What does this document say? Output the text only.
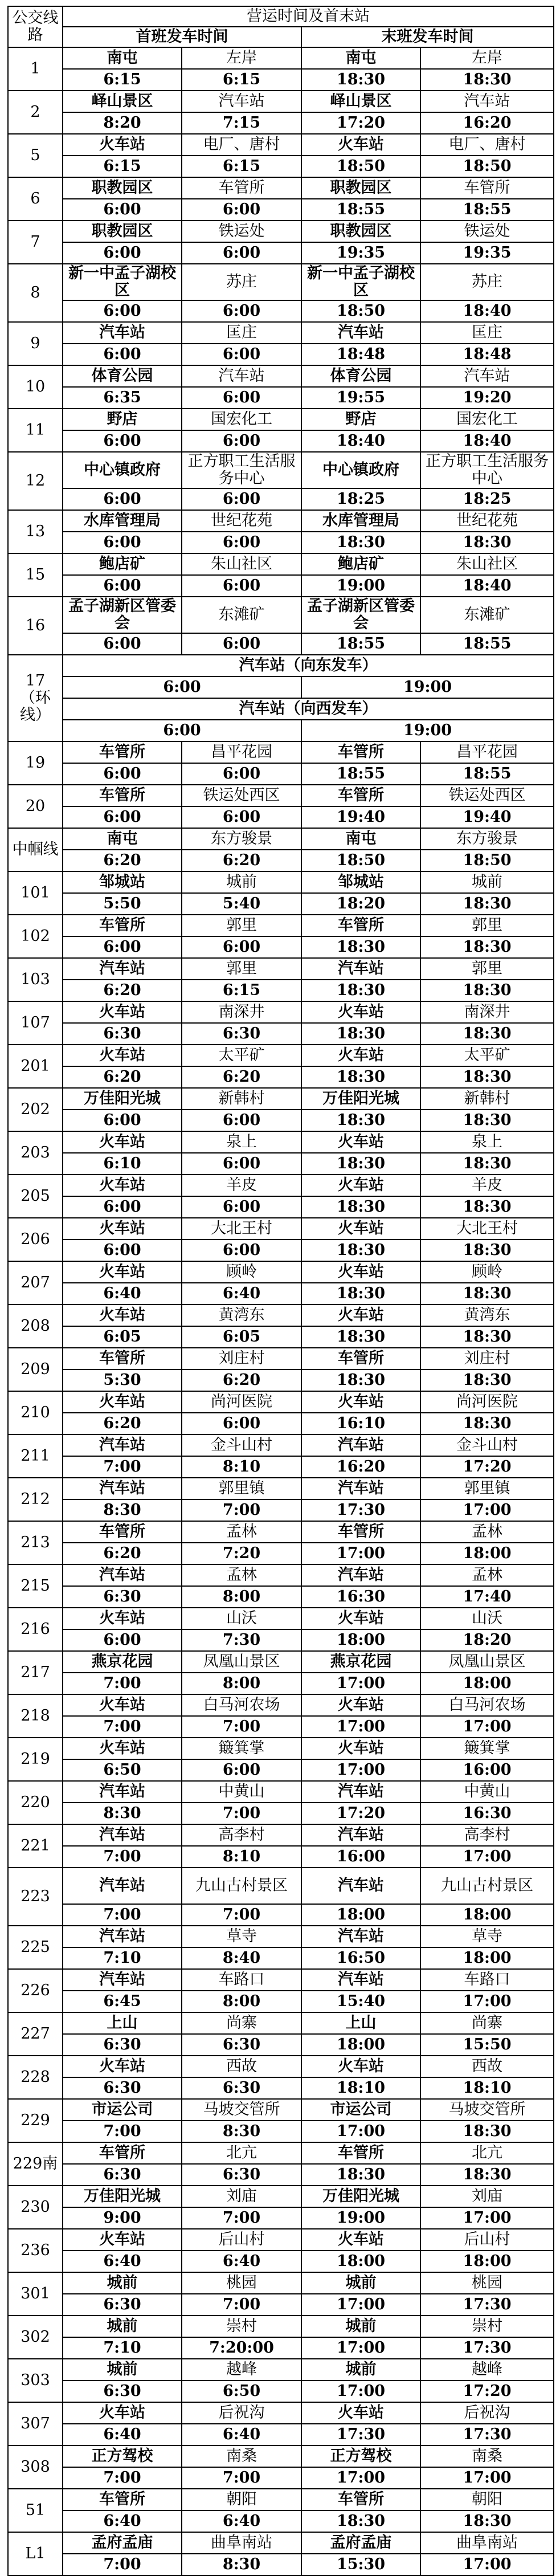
公交线路	营运时间及首末站			
	首班发车时间		末班发车时间	
1	南屯	左岸	南屯	左岸
	6:15	6:15	18:30	18:30
2	峄山景区	汽车站	峄山景区	汽车站
	8:20	7:15	17:20	16:20
5	火车站	电厂、唐村	火车站	电厂、唐村
	6:15	6:15	18:50	18:50
6	职教园区	车管所	职教园区	车管所
	6:00	6:00	18:55	18:55
7	职教园区	铁运处	职教园区	铁运处
	6:00	6:00	19:35	19:35
8	新一中孟子湖校区	苏庄	新一中孟子湖校区	苏庄
	6:00	6:00	18:50	18:40
9	汽车站	匡庄	汽车站	匡庄
	6:00	6:00	18:48	18:48
10	体育公园	汽车站	体育公园	汽车站
	6:35	6:00	19:55	19:20
11	野店	国宏化工	野店	国宏化工
	6:00	6:00	18:40	18:40
12	中心镇政府	正方职工生活服务中心	中心镇政府	正方职工生活服务中心
	6:00	6:00	18:25	18:25
13	水库管理局	世纪花苑	水库管理局	世纪花苑
	6:00	6:00	18:30	18:30
15	鲍店矿	朱山社区	鲍店矿	朱山社区
	6:00	6:00	19:00	18:40
16	孟子湖新区管委会	东滩矿	孟子湖新区管委会	东滩矿
	6:00	6:00	18:55	18:55
17（环线）	汽车站（向东发车）			
	6:00		19:00	
	汽车站（向西发车）			
	6:00		19:00	
19	车管所	昌平花园	车管所	昌平花园
	6:00	6:00	18:55	18:55
20	车管所	铁运处西区	车管所	铁运处西区
	6:00	6:00	19:40	19:40
中帼线	南屯	东方骏景	南屯	东方骏景
	6:20	6:20	18:50	18:50
101	邹城站	城前	邹城站	城前
	5:50	5:40	18:20	18:30
102	车管所	郭里	车管所	郭里
	6:00	6:00	18:30	18:30
103	汽车站	郭里	汽车站	郭里
	6:20	6:15	18:30	18:30
107	火车站	南深井	火车站	南深井
	6:30	6:30	18:30	18:30
201	火车站	太平矿	火车站	太平矿
	6:20	6:20	18:30	18:30
202	万佳阳光城	新韩村	万佳阳光城	新韩村
	6:00	6:00	18:30	18:30
203	火车站	泉上	火车站	泉上
	6:10	6:00	18:30	18:30
205	火车站	羊皮	火车站	羊皮
	6:00	6:00	18:30	18:30
206	火车站	大北王村	火车站	大北王村
	6:00	6:00	18:30	18:30
207	火车站	顾岭	火车站	顾岭
	6:40	6:40	18:30	18:30
208	火车站	黄湾东	火车站	黄湾东
	6:05	6:05	18:30	18:30
209	车管所	刘庄村	车管所	刘庄村
	5:30	6:20	18:30	18:30
210	火车站	尚河医院	火车站	尚河医院
	6:20	6:00	16:10	18:30
211	汽车站	金斗山村	汽车站	金斗山村
	7:00	8:10	16:20	17:20
212	汽车站	郭里镇	汽车站	郭里镇
	8:30	7:00	17:30	17:00
213	车管所	孟林	车管所	孟林
	6:20	7:20	17:00	18:00
215	汽车站	孟林	汽车站	孟林
	6:30	8:00	16:30	17:40
216	火车站	山沃	火车站	山沃
	6:00	7:30	18:00	18:20
217	燕京花园	凤凰山景区	燕京花园	凤凰山景区
	7:00	8:00	17:00	18:00
218	火车站	白马河农场	火车站	白马河农场
	7:00	7:00	17:00	17:00
219	火车站	簸箕掌	火车站	簸箕掌
	6:50	6:00	17:00	16:00
220	汽车站	中黄山	汽车站	中黄山
	8:30	7:00	17:20	16:30
221	汽车站	高李村	汽车站	高李村
	7:00	8:10	16:00	17:00
223	汽车站	九山古村景区	汽车站	九山古村景区
	7:00	7:00	18:00	18:00
225	汽车站	草寺	汽车站	草寺
	7:10	8:40	16:50	18:00
226	汽车站	车路口	汽车站	车路口
	6:45	8:00	15:40	17:00
227	上山	尚寨	上山	尚寨
	6:30	6:30	18:00	15:50
228	火车站	西故	火车站	西故
	6:30	6:30	18:10	18:10
229	市运公司	马坡交管所	市运公司	马坡交管所
	7:00	8:30	17:00	18:30
229南	车管所	北亢	车管所	北亢
	6:30	6:30	18:30	18:30
230	万佳阳光城	刘庙	万佳阳光城	刘庙
	9:00	7:00	19:00	17:00
236	火车站	后山村	火车站	后山村
	6:40	6:40	18:00	18:00
301	城前	桃园	城前	桃园
	6:30	7:00	17:00	17:30
302	城前	崇村	城前	崇村
	7:10	7:20:00	17:00	17:30
303	城前	越峰	城前	越峰
	6:30	6:50	17:00	17:20
307	火车站	后祝沟	火车站	后祝沟
	6:40	6:40	17:30	17:30
308	正方驾校	南桑	正方驾校	南桑
	7:00	7:00	17:00	17:00
51	车管所	朝阳	车管所	朝阳
	6:40	6:40	18:30	18:30
L1	孟府孟庙	曲阜南站	孟府孟庙	曲阜南站
	7:00	8:30	15:30	17:00
